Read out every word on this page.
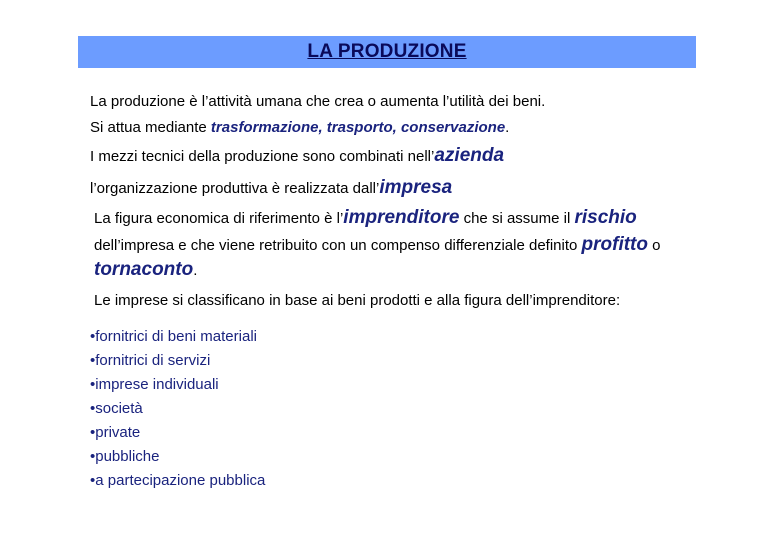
LA PRODUZIONE
La produzione è l’attività umana che crea o aumenta l’utilità dei beni.
Si attua mediante trasformazione, trasporto, conservazione.
I mezzi tecnici della produzione sono combinati nell’azienda
l’organizzazione produttiva è realizzata dall’impresa
La figura economica di riferimento è l’imprenditore che si assume il rischio
dell’impresa e che viene retribuito con un compenso differenziale definito profitto o
tornaconto.
Le imprese si classificano in base ai beni prodotti e alla figura dell’imprenditore:
•fornitrici di beni materiali
•fornitrici di servizi
•imprese individuali
•società
•private
•pubbliche
•a partecipazione pubblica
